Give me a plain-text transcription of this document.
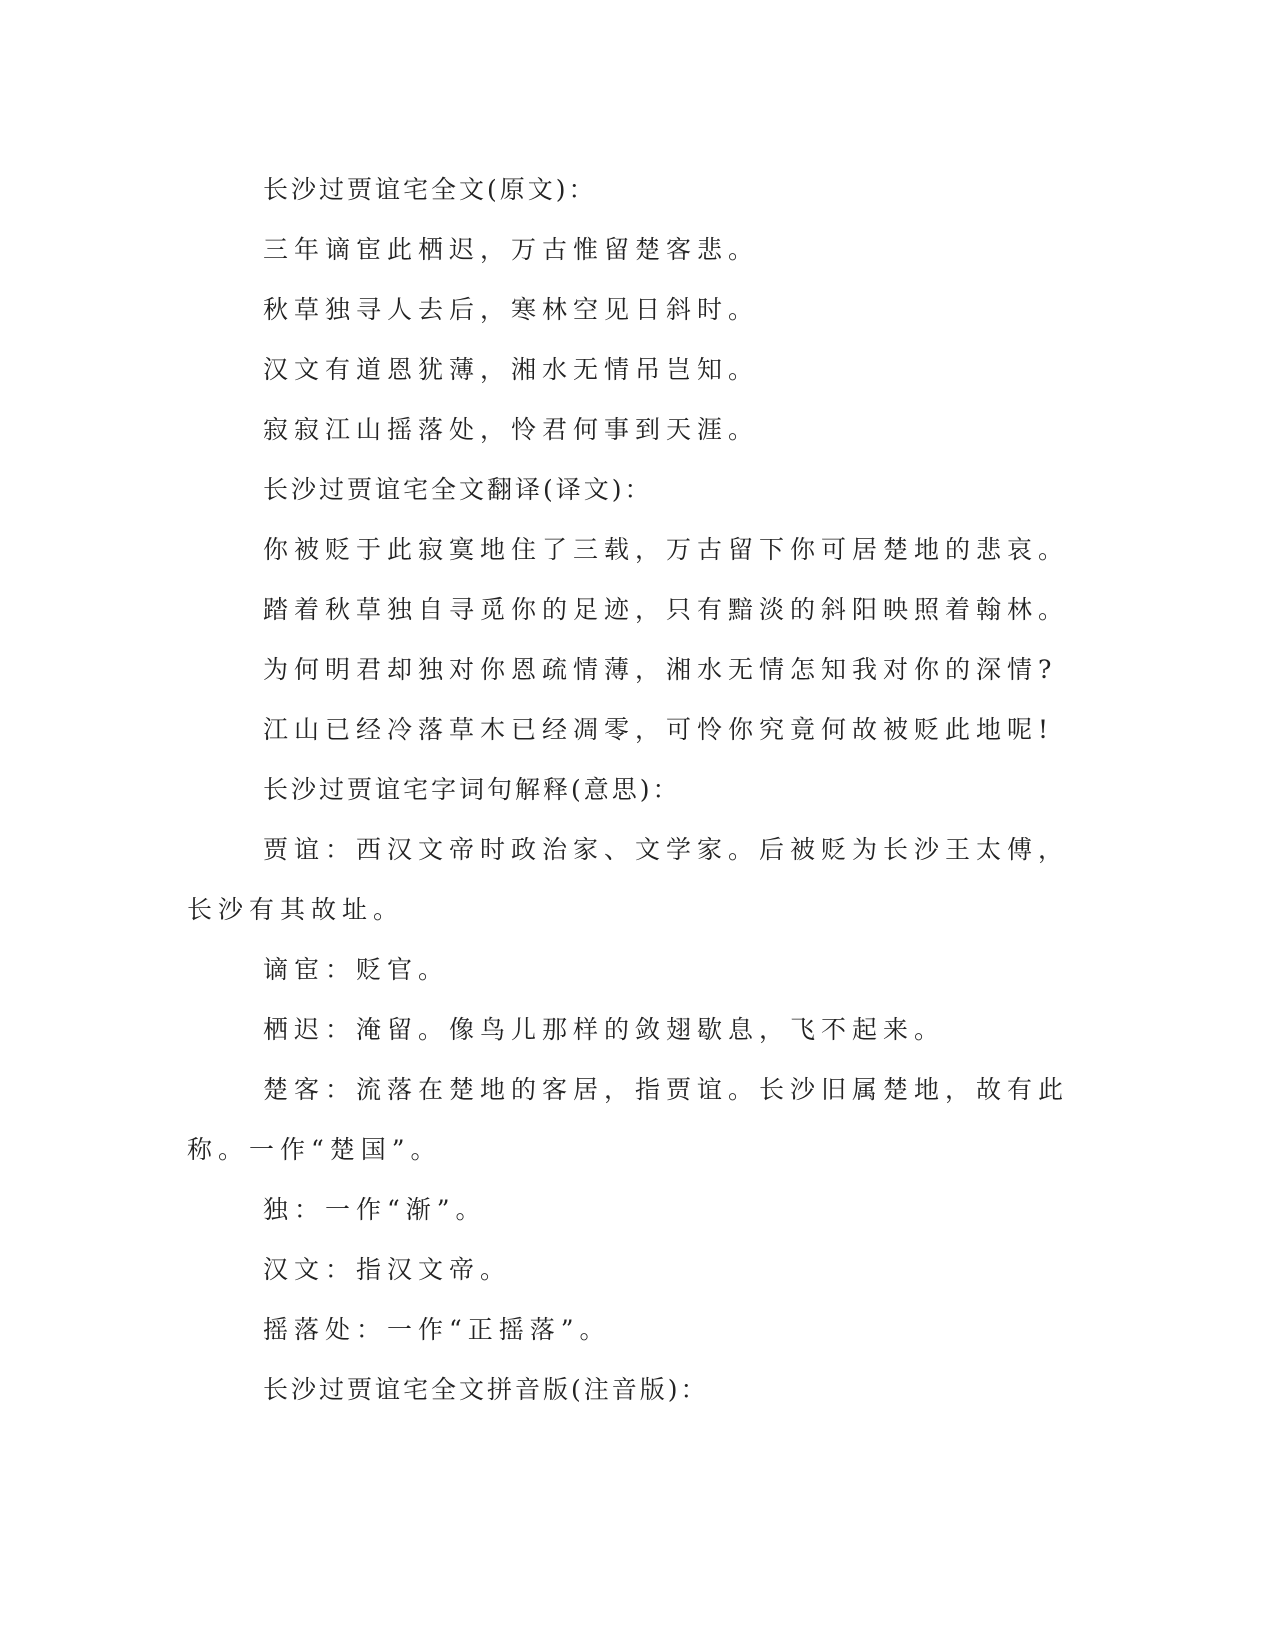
长沙过贾谊宅全文(原文)：

三年谪宦此栖迟，万古惟留楚客悲。

秋草独寻人去后，寒林空见日斜时。

汉文有道恩犹薄，湘水无情吊岂知。

寂寂江山摇落处，怜君何事到天涯。

长沙过贾谊宅全文翻译(译文)：

你被贬于此寂寞地住了三载，万古留下你可居楚地的悲哀。

踏着秋草独自寻觅你的足迹，只有黯淡的斜阳映照着翰林。

为何明君却独对你恩疏情薄，湘水无情怎知我对你的深情?

江山已经冷落草木已经凋零，可怜你究竟何故被贬此地呢!

长沙过贾谊宅字词句解释(意思)：

贾谊：西汉文帝时政治家、文学家。后被贬为长沙王太傅，长沙有其故址。

谪宦：贬官。

栖迟：淹留。像鸟儿那样的敛翅歇息，飞不起来。

楚客：流落在楚地的客居，指贾谊。长沙旧属楚地，故有此称。一作“楚国”。

独：一作“渐”。

汉文：指汉文帝。

摇落处：一作“正摇落”。

长沙过贾谊宅全文拼音版(注音版)：
